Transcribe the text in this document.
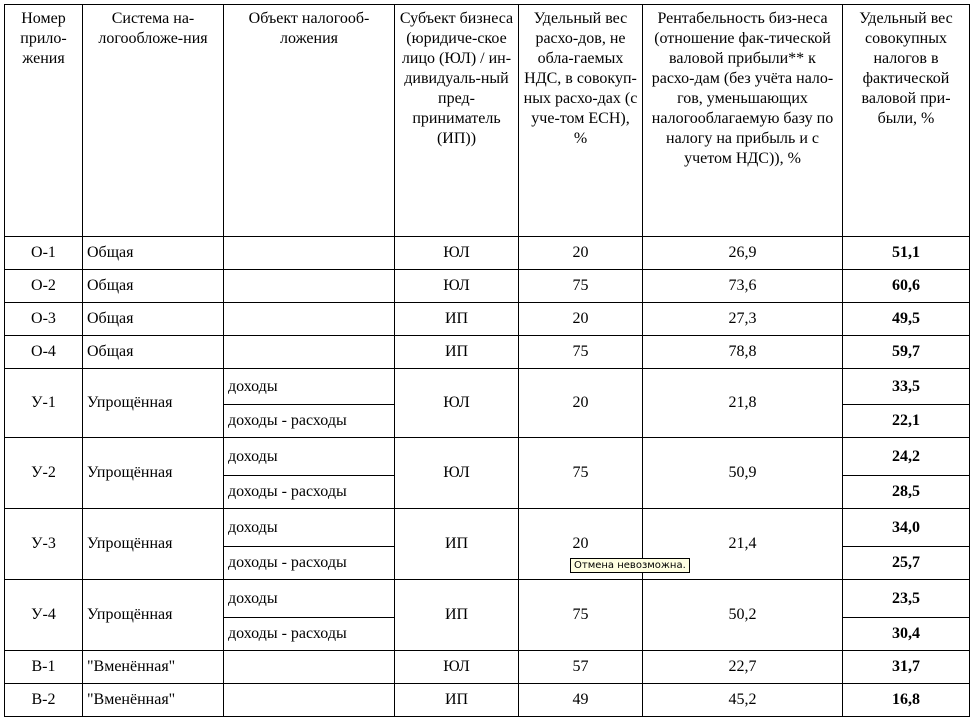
Номер прило-жения	Система на-логообложе-ния	Объект налогооб-ложения	Субъект бизнеса (юридиче-ское лицо (ЮЛ) / ин-дивидуаль-ный пред-приниматель (ИП))	Удельный вес расхо-дов, не обла-гаемых НДС, в совокуп-ных расхо-дах (с уче-том ЕСН), %	Рентабельность биз-неса (отношение фак-тической валовой прибыли** к расхо-дам (без учёта нало-гов, уменьшающих налогооблагаемую базу по налогу на прибыль и с учетом НДС)), %	Удельный вес совокупных налогов в фактической валовой при-были, %
О-1	Общая		ЮЛ	20	26,9	51,1
О-2	Общая		ЮЛ	75	73,6	60,6
О-3	Общая		ИП	20	27,3	49,5
О-4	Общая		ИП	75	78,8	59,7
У-1	Упрощённая	доходы	ЮЛ	20	21,8	33,5
		доходы - расходы				22,1
У-2	Упрощённая	доходы	ЮЛ	75	50,9	24,2
		доходы - расходы				28,5
У-3	Упрощённая	доходы	ИП	20	21,4	34,0
		доходы - расходы				25,7
У-4	Упрощённая	доходы	ИП	75	50,2	23,5
		доходы - расходы				30,4
В-1	"Вменённая"		ЮЛ	57	22,7	31,7
В-2	"Вменённая"		ИП	49	45,2	16,8
Отмена невозможна.
